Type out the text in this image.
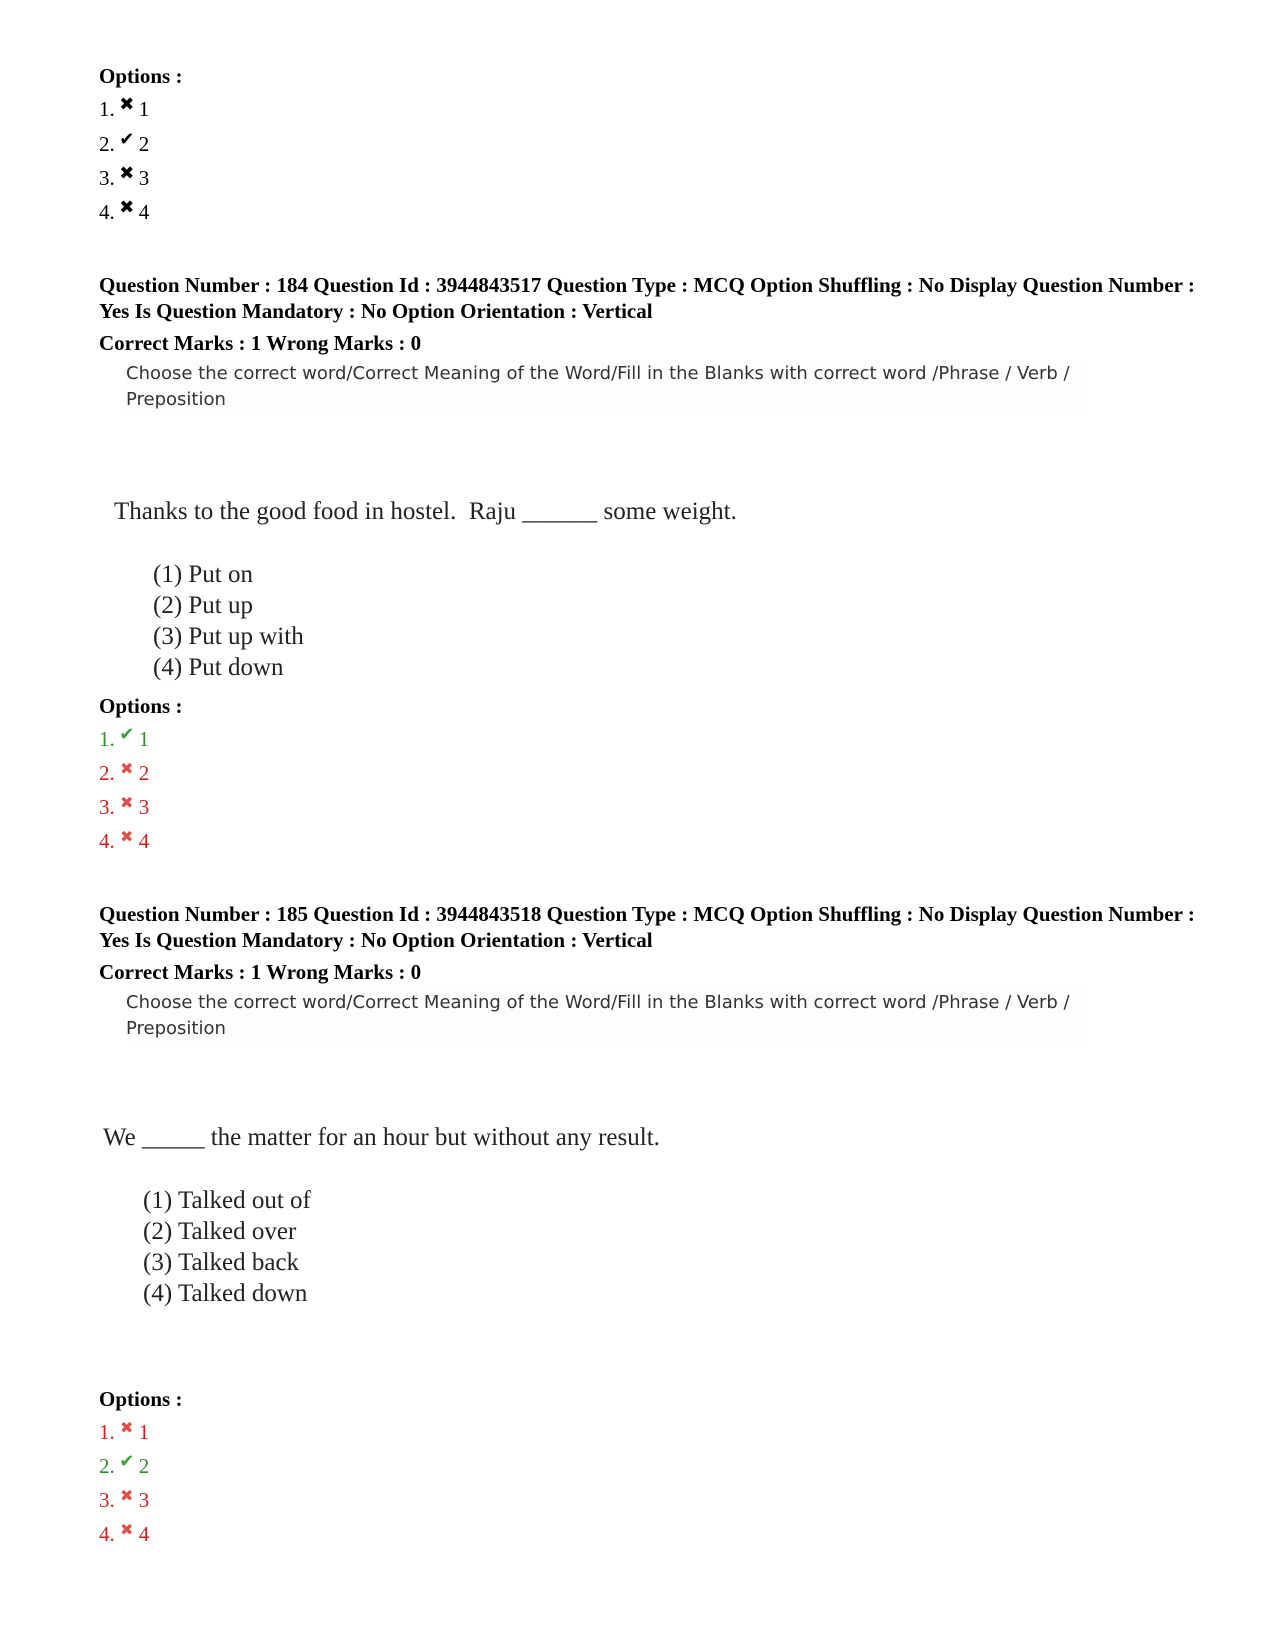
Options :
1. ✖ 1
2. ✔ 2
3. ✖ 3
4. ✖ 4
Question Number : 184 Question Id : 3944843517 Question Type : MCQ Option Shuffling : No Display Question Number : Yes Is Question Mandatory : No Option Orientation : Vertical
Correct Marks : 1 Wrong Marks : 0
Choose the correct word/Correct Meaning of the Word/Fill in the Blanks with correct word /Phrase / Verb / Preposition
Thanks to the good food in hostel.  Raju ______ some weight.
(1) Put on
(2) Put up
(3) Put up with
(4) Put down
Options :
1. ✔ 1
2. ✖ 2
3. ✖ 3
4. ✖ 4
Question Number : 185 Question Id : 3944843518 Question Type : MCQ Option Shuffling : No Display Question Number : Yes Is Question Mandatory : No Option Orientation : Vertical
Correct Marks : 1 Wrong Marks : 0
Choose the correct word/Correct Meaning of the Word/Fill in the Blanks with correct word /Phrase / Verb / Preposition
We _____ the matter for an hour but without any result.
(1) Talked out of
(2) Talked over
(3) Talked back
(4) Talked down
Options :
1. ✖ 1
2. ✔ 2
3. ✖ 3
4. ✖ 4
